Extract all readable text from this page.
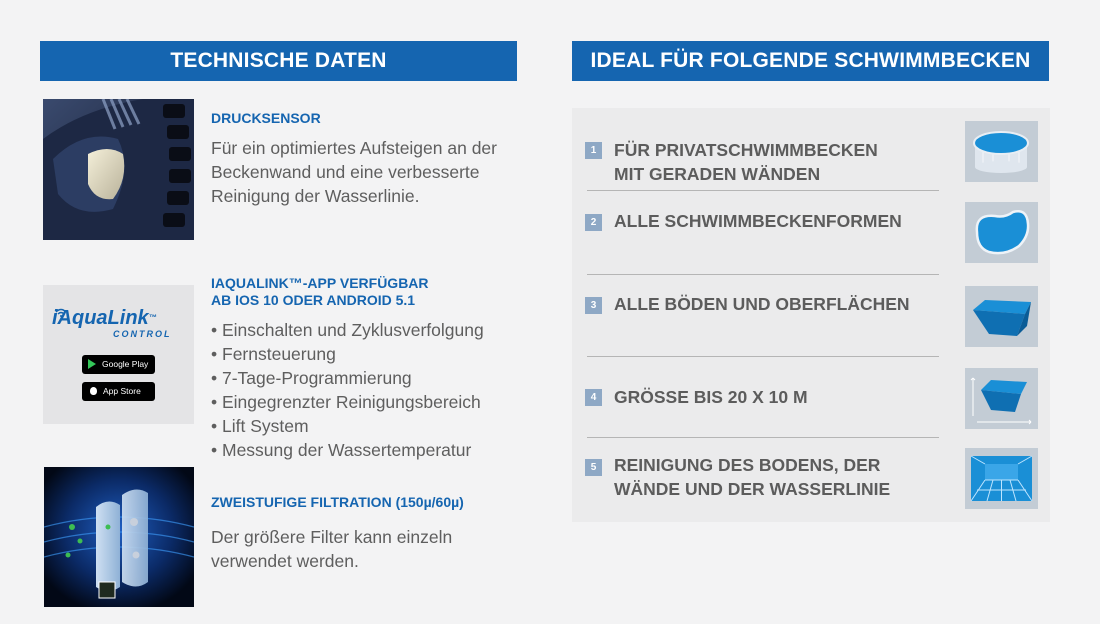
TECHNISCHE DATEN	IDEAL FÜR FOLGENDE SCHWIMMBECKEN
DRUCKSENSOR
Für ein optimiertes Aufsteigen an der Beckenwand und eine verbesserte Reinigung der Wasserlinie.
iAquaLink™
CONTROL
Google Play
App Store
IAQUALINK™-APP VERFÜGBAR
AB IOS 10 ODER ANDROID 5.1
• Einschalten und Zyklusverfolgung
• Fernsteuerung
• 7-Tage-Programmierung
• Eingegrenzter Reinigungsbereich
• Lift System
• Messung der Wassertemperatur
ZWEISTUFIGE FILTRATION (150µ/60µ)
Der größere Filter kann einzeln verwendet werden.
1	FÜR PRIVATSCHWIMMBECKEN
MIT GERADEN WÄNDEN
2	ALLE SCHWIMMBECKENFORMEN
3	ALLE BÖDEN UND OBERFLÄCHEN
4	GRÖSSE BIS 20 X 10 M
5	REINIGUNG DES BODENS, DER
WÄNDE UND DER WASSERLINIE
